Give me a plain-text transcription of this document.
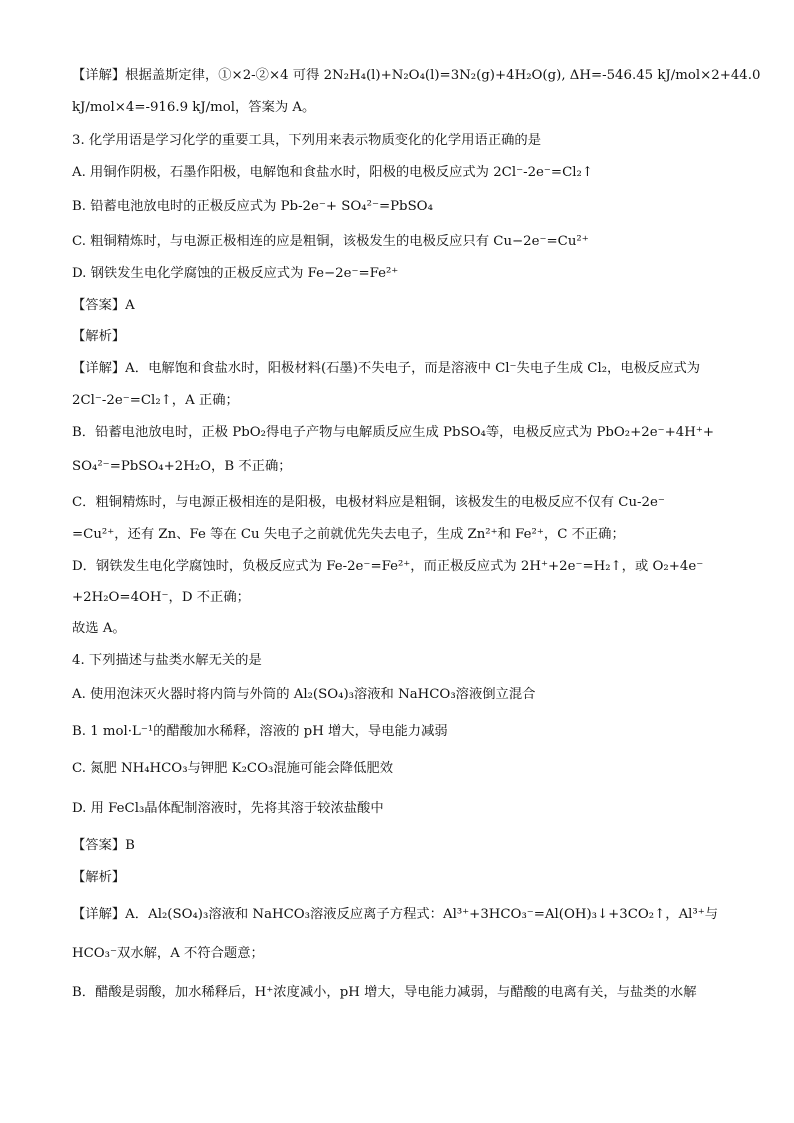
【详解】根据盖斯定律，①×2-②×4 可得 2N₂H₄(l)+N₂O₄(l)=3N₂(g)+4H₂O(g), ΔH=-546.45 kJ/mol×2+44.0
kJ/mol×4=-916.9 kJ/mol，答案为 A。
3. 化学用语是学习化学的重要工具，下列用来表示物质变化的化学用语正确的是
A. 用铜作阴极，石墨作阳极，电解饱和食盐水时，阳极的电极反应式为 2Cl⁻-2e⁻=Cl₂↑
B. 铅蓄电池放电时的正极反应式为 Pb-2e⁻+ SO₄²⁻=PbSO₄
C. 粗铜精炼时，与电源正极相连的应是粗铜，该极发生的电极反应只有 Cu−2e⁻=Cu²⁺
D. 钢铁发生电化学腐蚀的正极反应式为 Fe−2e⁻=Fe²⁺
【答案】A
【解析】
【详解】A．电解饱和食盐水时，阳极材料(石墨)不失电子，而是溶液中 Cl⁻失电子生成 Cl₂，电极反应式为
2Cl⁻-2e⁻=Cl₂↑，A 正确；
B．铅蓄电池放电时，正极 PbO₂得电子产物与电解质反应生成 PbSO₄等，电极反应式为 PbO₂+2e⁻+4H⁺+
SO₄²⁻=PbSO₄+2H₂O，B 不正确；
C．粗铜精炼时，与电源正极相连的是阳极，电极材料应是粗铜，该极发生的电极反应不仅有 Cu-2e⁻
=Cu²⁺，还有 Zn、Fe 等在 Cu 失电子之前就优先失去电子，生成 Zn²⁺和 Fe²⁺，C 不正确；
D．钢铁发生电化学腐蚀时，负极反应式为 Fe-2e⁻=Fe²⁺，而正极反应式为 2H⁺+2e⁻=H₂↑，或 O₂+4e⁻
+2H₂O=4OH⁻，D 不正确；
故选 A。
4. 下列描述与盐类水解无关的是
A. 使用泡沫灭火器时将内筒与外筒的 Al₂(SO₄)₃溶液和 NaHCO₃溶液倒立混合
B. 1 mol·L⁻¹的醋酸加水稀释，溶液的 pH 增大，导电能力减弱
C. 氮肥 NH₄HCO₃与钾肥 K₂CO₃混施可能会降低肥效
D. 用 FeCl₃晶体配制溶液时，先将其溶于较浓盐酸中
【答案】B
【解析】
【详解】A．Al₂(SO₄)₃溶液和 NaHCO₃溶液反应离子方程式：Al³⁺+3HCO₃⁻=Al(OH)₃↓+3CO₂↑，Al³⁺与
HCO₃⁻双水解，A 不符合题意；
B．醋酸是弱酸，加水稀释后，H⁺浓度减小，pH 增大，导电能力减弱，与醋酸的电离有关，与盐类的水解
